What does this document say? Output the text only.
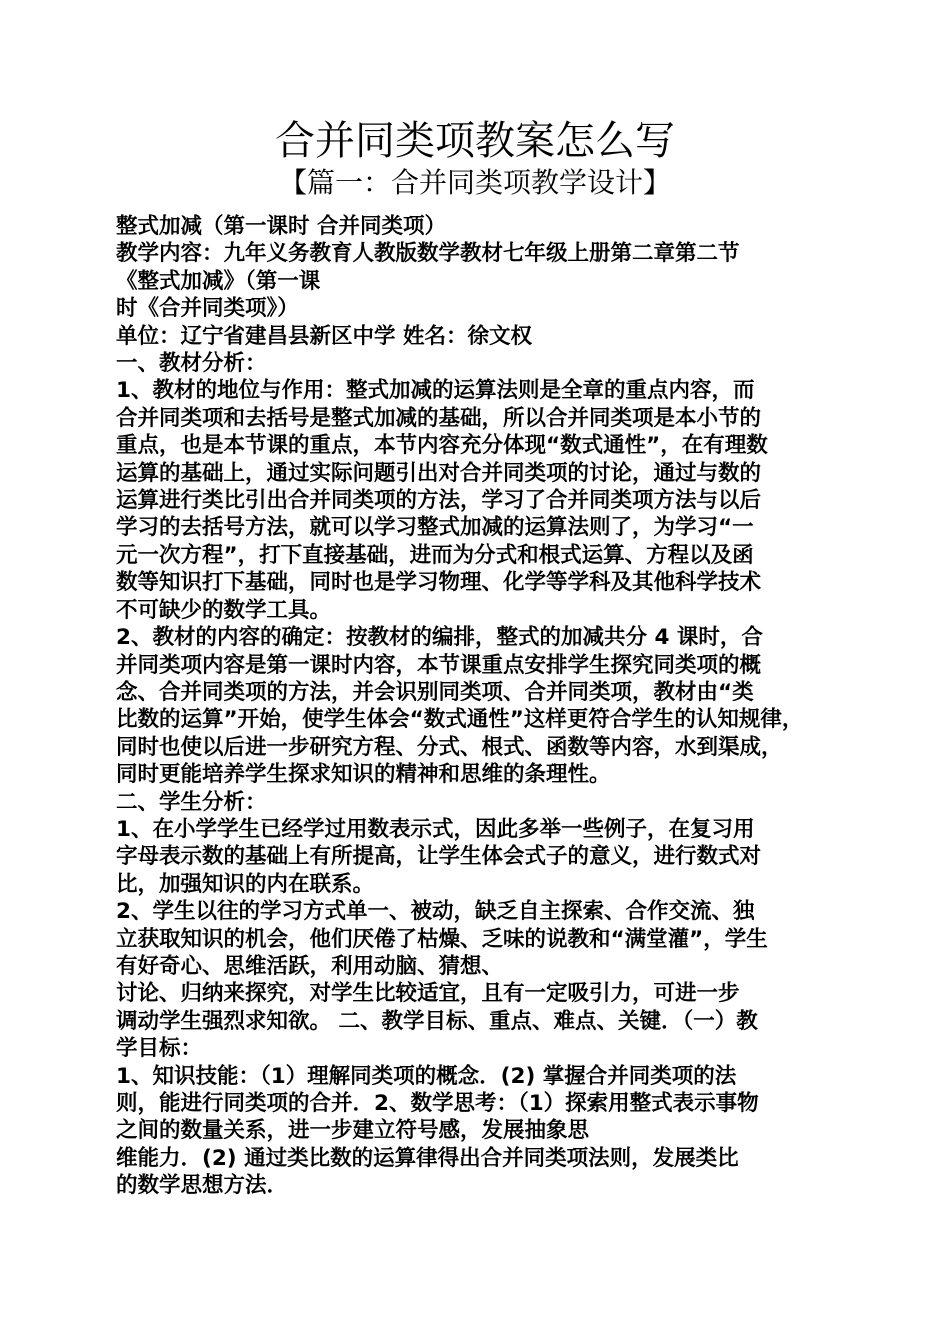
合并同类项教案怎么写
【篇一：合并同类项教学设计】
整式加减（第一课时 合并同类项）
教学内容：九年义务教育人教版数学教材七年级上册第二章第二节
《整式加减》（第一课
时《合并同类项》）
单位：辽宁省建昌县新区中学 姓名：徐文权
一、教材分析：
1、教材的地位与作用：整式加减的运算法则是全章的重点内容，而
合并同类项和去括号是整式加减的基础，所以合并同类项是本小节的
重点，也是本节课的重点，本节内容充分体现“数式通性”，在有理数
运算的基础上，通过实际问题引出对合并同类项的讨论，通过与数的
运算进行类比引出合并同类项的方法，学习了合并同类项方法与以后
学习的去括号方法，就可以学习整式加减的运算法则了，为学习“一
元一次方程”，打下直接基础，进而为分式和根式运算、方程以及函
数等知识打下基础，同时也是学习物理、化学等学科及其他科学技术
不可缺少的数学工具。
2、教材的内容的确定：按教材的编排，整式的加减共分 4 课时，合
并同类项内容是第一课时内容，本节课重点安排学生探究同类项的概
念、合并同类项的方法，并会识别同类项、合并同类项，教材由“类
比数的运算”开始，使学生体会“数式通性”这样更符合学生的认知规律，
同时也使以后进一步研究方程、分式、根式、函数等内容，水到渠成，
同时更能培养学生探求知识的精神和思维的条理性。
二、学生分析：
1、在小学学生已经学过用数表示式，因此多举一些例子，在复习用
字母表示数的基础上有所提高，让学生体会式子的意义，进行数式对
比，加强知识的内在联系。
2、学生以往的学习方式单一、被动，缺乏自主探索、合作交流、独
立获取知识的机会，他们厌倦了枯燥、乏味的说教和“满堂灌”，学生
有好奇心、思维活跃，利用动脑、猜想、
讨论、归纳来探究，对学生比较适宜，且有一定吸引力，可进一步
调动学生强烈求知欲。 二、教学目标、重点、难点、关键．（一）教
学目标：
1、知识技能：（1）理解同类项的概念．(2) 掌握合并同类项的法
则，能进行同类项的合并．2、数学思考：（1）探索用整式表示事物
之间的数量关系，进一步建立符号感，发展抽象思
维能力．(2) 通过类比数的运算律得出合并同类项法则，发展类比
的数学思想方法．
